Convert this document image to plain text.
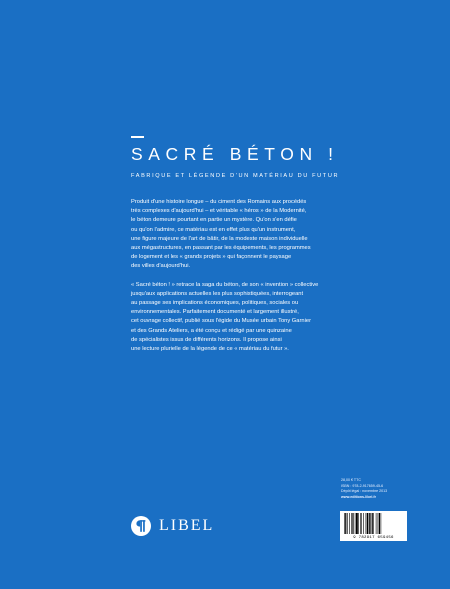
SACRÉ BÉTON !
FABRIQUE ET LÉGENDE D'UN MATÉRIAU DU FUTUR
Produit d'une histoire longue – du ciment des Romains aux procédés
très complexes d'aujourd'hui – et véritable « héros » de la Modernité,
le béton demeure pourtant en partie un mystère. Qu'on s'en défie
ou qu'on l'admire, ce matériau est en effet plus qu'un instrument,
une figure majeure de l'art de bâtir, de la modeste maison individuelle
aux mégastructures, en passant par les équipements, les programmes
de logement et les « grands projets » qui façonnent le paysage
des villes d'aujourd'hui.
« Sacré béton ! » retrace la saga du béton, de son « invention » collective
jusqu'aux applications actuelles les plus sophistiquées, interrogeant
au passage ses implications économiques, politiques, sociales ou
environnementales. Parfaitement documenté et largement illustré,
cet ouvrage collectif, publié sous l'égide du Musée urbain Tony Garnier
et des Grands Ateliers, a été conçu et rédigé par une quinzaine
de spécialistes issus de différents horizons. Il propose ainsi
une lecture plurielle de la légende de ce « matériau du futur ».
28,00 € TTC
ISBN : 978-2-917659-45-6
Dépôt légal : novembre 2013
www.editions-libel.fr
LIBEL
9 782917 659456
